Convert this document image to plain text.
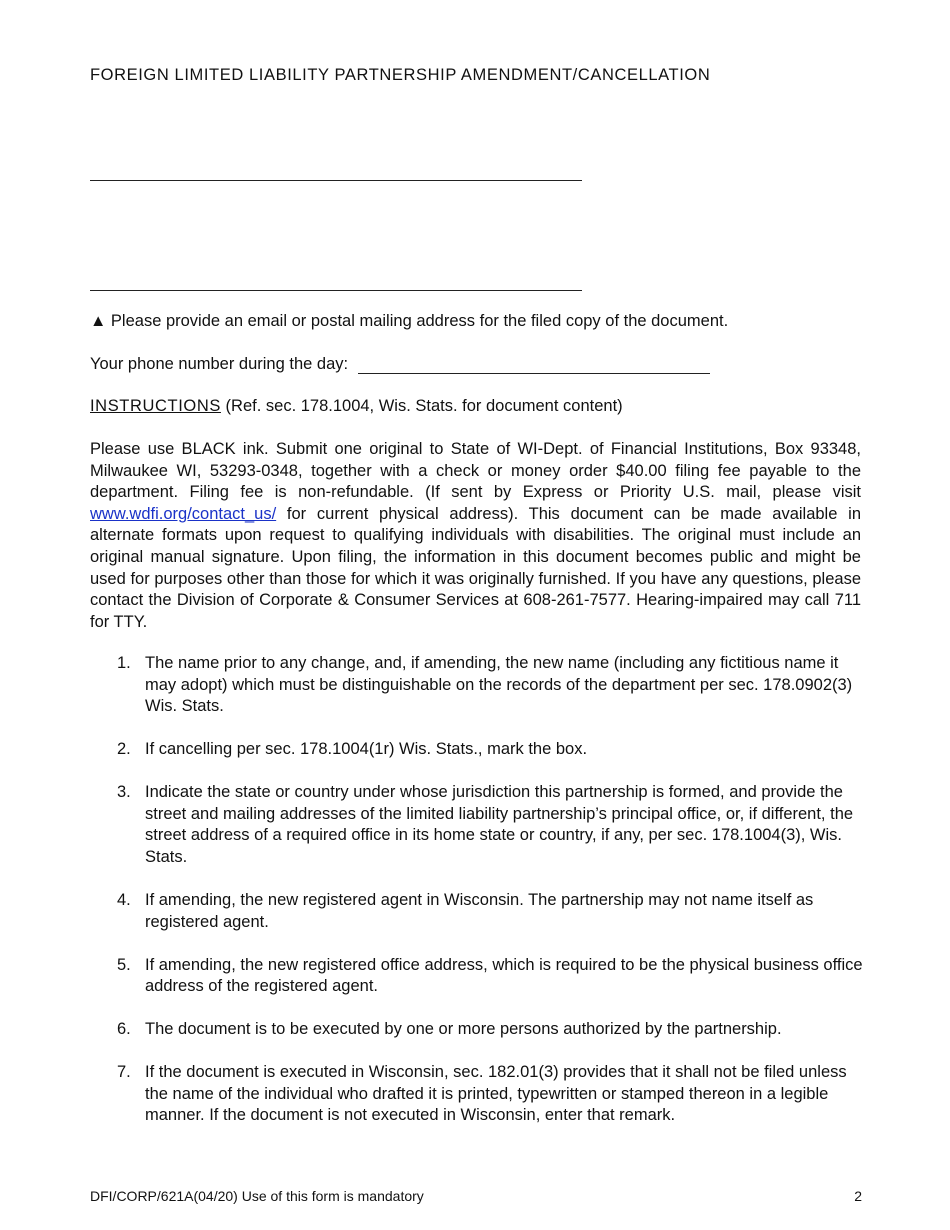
FOREIGN LIMITED LIABILITY PARTNERSHIP AMENDMENT/CANCELLATION
▲ Please provide an email or postal mailing address for the filed copy of the document.
Your phone number during the day:
INSTRUCTIONS (Ref. sec. 178.1004, Wis. Stats. for document content)
Please use BLACK ink. Submit one original to State of WI-Dept. of Financial Institutions, Box 93348, Milwaukee WI, 53293-0348, together with a check or money order $40.00 filing fee payable to the department. Filing fee is non-refundable. (If sent by Express or Priority U.S. mail, please visit www.wdfi.org/contact_us/ for current physical address). This document can be made available in alternate formats upon request to qualifying individuals with disabilities. The original must include an original manual signature. Upon filing, the information in this document becomes public and might be used for purposes other than those for which it was originally furnished. If you have any questions, please contact the Division of Corporate & Consumer Services at 608-261-7577. Hearing-impaired may call 711 for TTY.
1. The name prior to any change, and, if amending, the new name (including any fictitious name it may adopt) which must be distinguishable on the records of the department per sec. 178.0902(3) Wis. Stats.
2. If cancelling per sec. 178.1004(1r) Wis. Stats., mark the box.
3. Indicate the state or country under whose jurisdiction this partnership is formed, and provide the street and mailing addresses of the limited liability partnership’s principal office, or, if different, the street address of a required office in its home state or country, if any, per sec. 178.1004(3), Wis. Stats.
4. If amending, the new registered agent in Wisconsin. The partnership may not name itself as registered agent.
5. If amending, the new registered office address, which is required to be the physical business office address of the registered agent.
6. The document is to be executed by one or more persons authorized by the partnership.
7. If the document is executed in Wisconsin, sec. 182.01(3) provides that it shall not be filed unless the name of the individual who drafted it is printed, typewritten or stamped thereon in a legible manner. If the document is not executed in Wisconsin, enter that remark.
DFI/CORP/621A(04/20) Use of this form is mandatory	2
